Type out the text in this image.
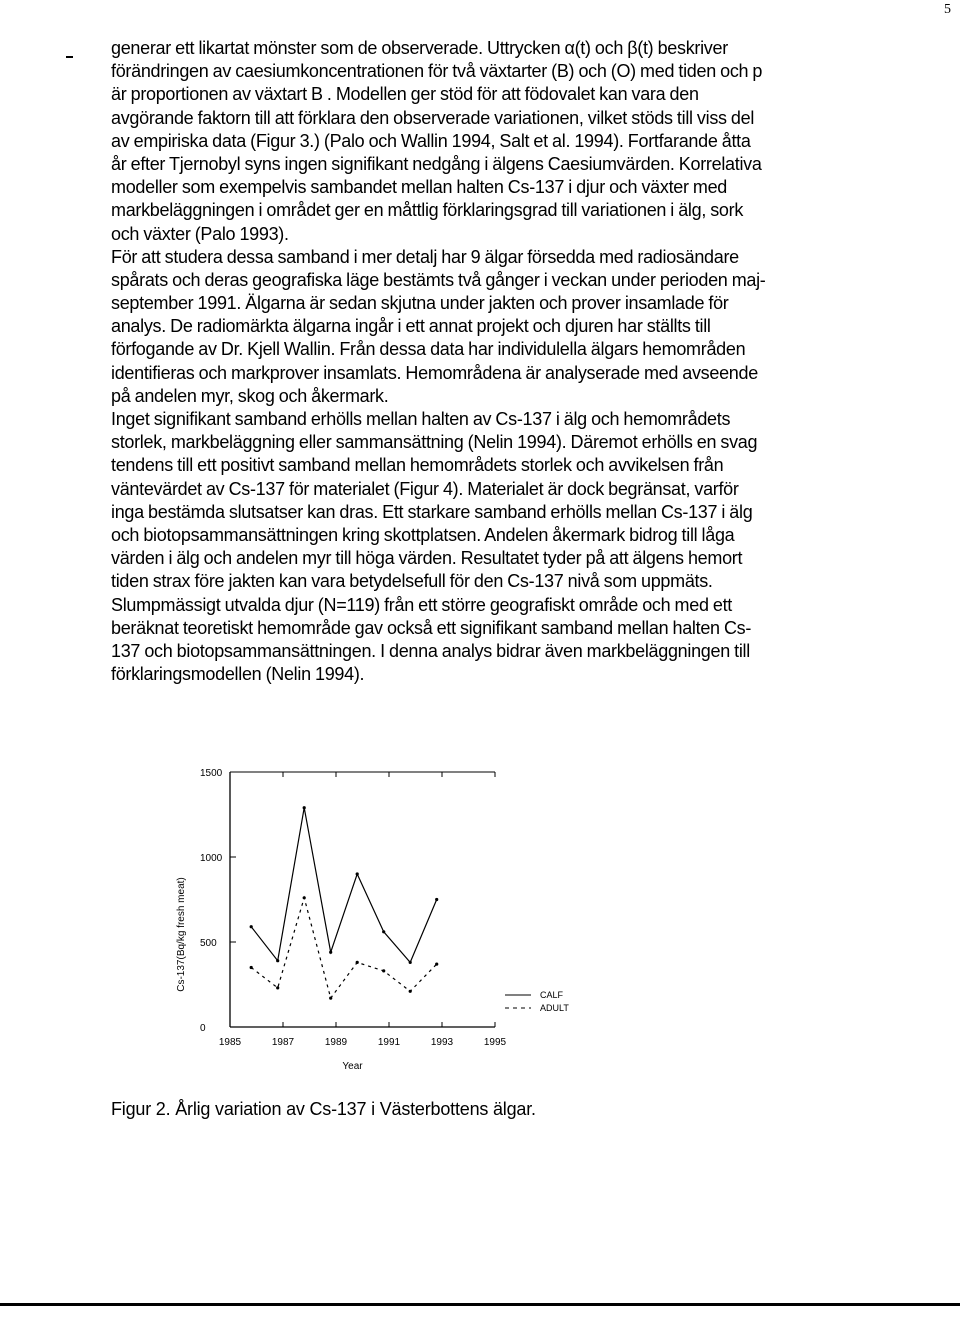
5
generar ett likartat mönster som de observerade. Uttrycken α(t) och β(t) beskriver
förändringen av caesiumkoncentrationen för två växtarter (B) och (O) med tiden och p
är proportionen av växtart B . Modellen ger stöd för att födovalet kan vara den
avgörande faktorn till att förklara den observerade variationen, vilket stöds till viss del
av empiriska data (Figur 3.) (Palo och Wallin 1994, Salt et al. 1994). Fortfarande åtta
år efter Tjernobyl syns ingen signifikant nedgång i älgens Caesiumvärden. Korrelativa
modeller som exempelvis sambandet mellan halten Cs-137 i djur och växter med
markbeläggningen i området ger en måttlig förklaringsgrad till variationen i älg, sork
och växter (Palo 1993).
För att studera dessa samband i mer detalj har 9 älgar försedda med radiosändare
spårats och deras geografiska läge bestämts två gånger i veckan under perioden maj-
september 1991. Älgarna är sedan skjutna under jakten och prover insamlade för
analys. De radiomärkta älgarna ingår i ett annat projekt och djuren har ställts till
förfogande av Dr. Kjell Wallin. Från dessa data har individulella älgars hemområden
identifieras och markprover insamlats. Hemområdena är analyserade med avseende
på andelen myr, skog och åkermark.
Inget signifikant samband erhölls mellan halten av Cs-137 i älg och hemområdets
storlek, markbeläggning eller sammansättning (Nelin 1994). Däremot erhölls en svag
tendens till ett positivt samband mellan hemområdets storlek och avvikelsen från
väntevärdet av Cs-137 för materialet (Figur 4). Materialet är dock begränsat, varför
inga bestämda slutsatser kan dras. Ett starkare samband erhölls mellan Cs-137 i älg
och biotopsammansättningen kring skottplatsen. Andelen åkermark bidrog till låga
värden i älg och andelen myr till höga värden. Resultatet tyder på att älgens hemort
tiden strax före jakten kan vara betydelsefull för den Cs-137 nivå som uppmäts.
Slumpmässigt utvalda djur (N=119) från ett större geografiskt område och med ett
beräknat teoretiskt hemområde gav också ett signifikant samband mellan halten Cs-
137 och biotopsammansättningen. I denna analys bidrar även markbeläggningen till
förklaringsmodellen (Nelin 1994).
0
500
1000
1500
1985	1987	1989	1991	1993	1995
Year
Cs-137(Bq/kg fresh meat)
CALF
ADULT
Figur 2. Årlig variation av Cs-137 i Västerbottens älgar.
